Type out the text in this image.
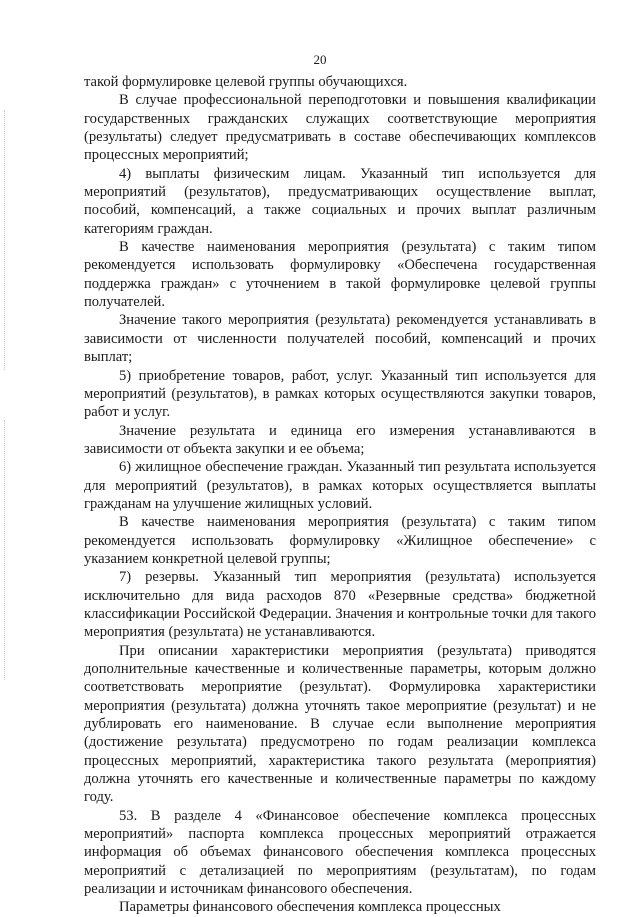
20

такой формулировке целевой группы обучающихся.

В случае профессиональной переподготовки и повышения квалификации государственных гражданских служащих соответствующие мероприятия (результаты) следует предусматривать в составе обеспечивающих комплексов процессных мероприятий;

4) выплаты физическим лицам. Указанный тип используется для мероприятий (результатов), предусматривающих осуществление выплат, пособий, компенсаций, а также социальных и прочих выплат различным категориям граждан.

В качестве наименования мероприятия (результата) с таким типом рекомендуется использовать формулировку «Обеспечена государственная поддержка граждан» с уточнением в такой формулировке целевой группы получателей.

Значение такого мероприятия (результата) рекомендуется устанавливать в зависимости от численности получателей пособий, компенсаций и прочих выплат;

5) приобретение товаров, работ, услуг. Указанный тип используется для мероприятий (результатов), в рамках которых осуществляются закупки товаров, работ и услуг.

Значение результата и единица его измерения устанавливаются в зависимости от объекта закупки и ее объема;

6) жилищное обеспечение граждан. Указанный тип результата используется для мероприятий (результатов), в рамках которых осуществляется выплаты гражданам на улучшение жилищных условий.

В качестве наименования мероприятия (результата) с таким типом рекомендуется использовать формулировку «Жилищное обеспечение» с указанием конкретной целевой группы;

7) резервы. Указанный тип мероприятия (результата) используется исключительно для вида расходов 870 «Резервные средства» бюджетной классификации Российской Федерации. Значения и контрольные точки для такого мероприятия (результата) не устанавливаются.

При описании характеристики мероприятия (результата) приводятся дополнительные качественные и количественные параметры, которым должно соответствовать мероприятие (результат). Формулировка характеристики мероприятия (результата) должна уточнять такое мероприятие (результат) и не дублировать его наименование. В случае если выполнение мероприятия (достижение результата) предусмотрено по годам реализации комплекса процессных мероприятий, характеристика такого результата (мероприятия) должна уточнять его качественные и количественные параметры по каждому году.

53. В разделе 4 «Финансовое обеспечение комплекса процессных мероприятий» паспорта комплекса процессных мероприятий отражается информация об объемах финансового обеспечения комплекса процессных мероприятий с детализацией по мероприятиям (результатам), по годам реализации и источникам финансового обеспечения.

Параметры финансового обеспечения комплекса процессных
